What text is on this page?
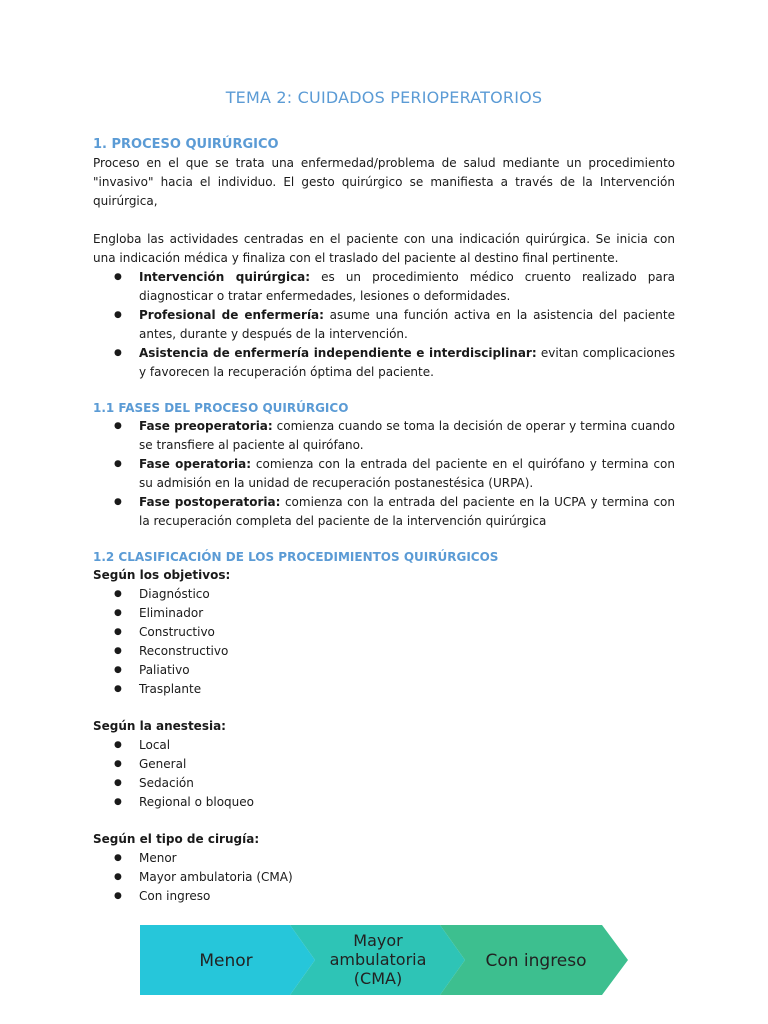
TEMA 2: CUIDADOS PERIOPERATORIOS
1. PROCESO QUIRÚRGICO

Proceso en el que se trata una enfermedad/problema de salud mediante un procedimiento "invasivo" hacia el individuo. El gesto quirúrgico se manifiesta a través de la Intervención quirúrgica,

Engloba las actividades centradas en el paciente con una indicación quirúrgica. Se inicia con una indicación médica y finaliza con el traslado del paciente al destino final pertinente.

● Intervención quirúrgica: es un procedimiento médico cruento realizado para diagnosticar o tratar enfermedades, lesiones o deformidades.
● Profesional de enfermería: asume una función activa en la asistencia del paciente antes, durante y después de la intervención.
● Asistencia de enfermería independiente e interdisciplinar: evitan complicaciones y favorecen la recuperación óptima del paciente.
1.1 FASES DEL PROCESO QUIRÚRGICO
● Fase preoperatoria: comienza cuando se toma la decisión de operar y termina cuando se transfiere al paciente al quirófano.
● Fase operatoria: comienza con la entrada del paciente en el quirófano y termina con su admisión en la unidad de recuperación postanestésica (URPA).
● Fase postoperatoria: comienza con la entrada del paciente en la UCPA y termina con la recuperación completa del paciente de la intervención quirúrgica
1.2 CLASIFICACIÓN DE LOS PROCEDIMIENTOS QUIRÚRGICOS

Según los objetivos:

● Diagnóstico
● Eliminador
● Constructivo
● Reconstructivo
● Paliativo
● Trasplante

Según la anestesia:

● Local
● General
● Sedación
● Regional o bloqueo

Según el tipo de cirugía:

● Menor
● Mayor ambulatoria (CMA)
● Con ingreso
Menor
Mayor
ambulatoria
(CMA)
Con ingreso
